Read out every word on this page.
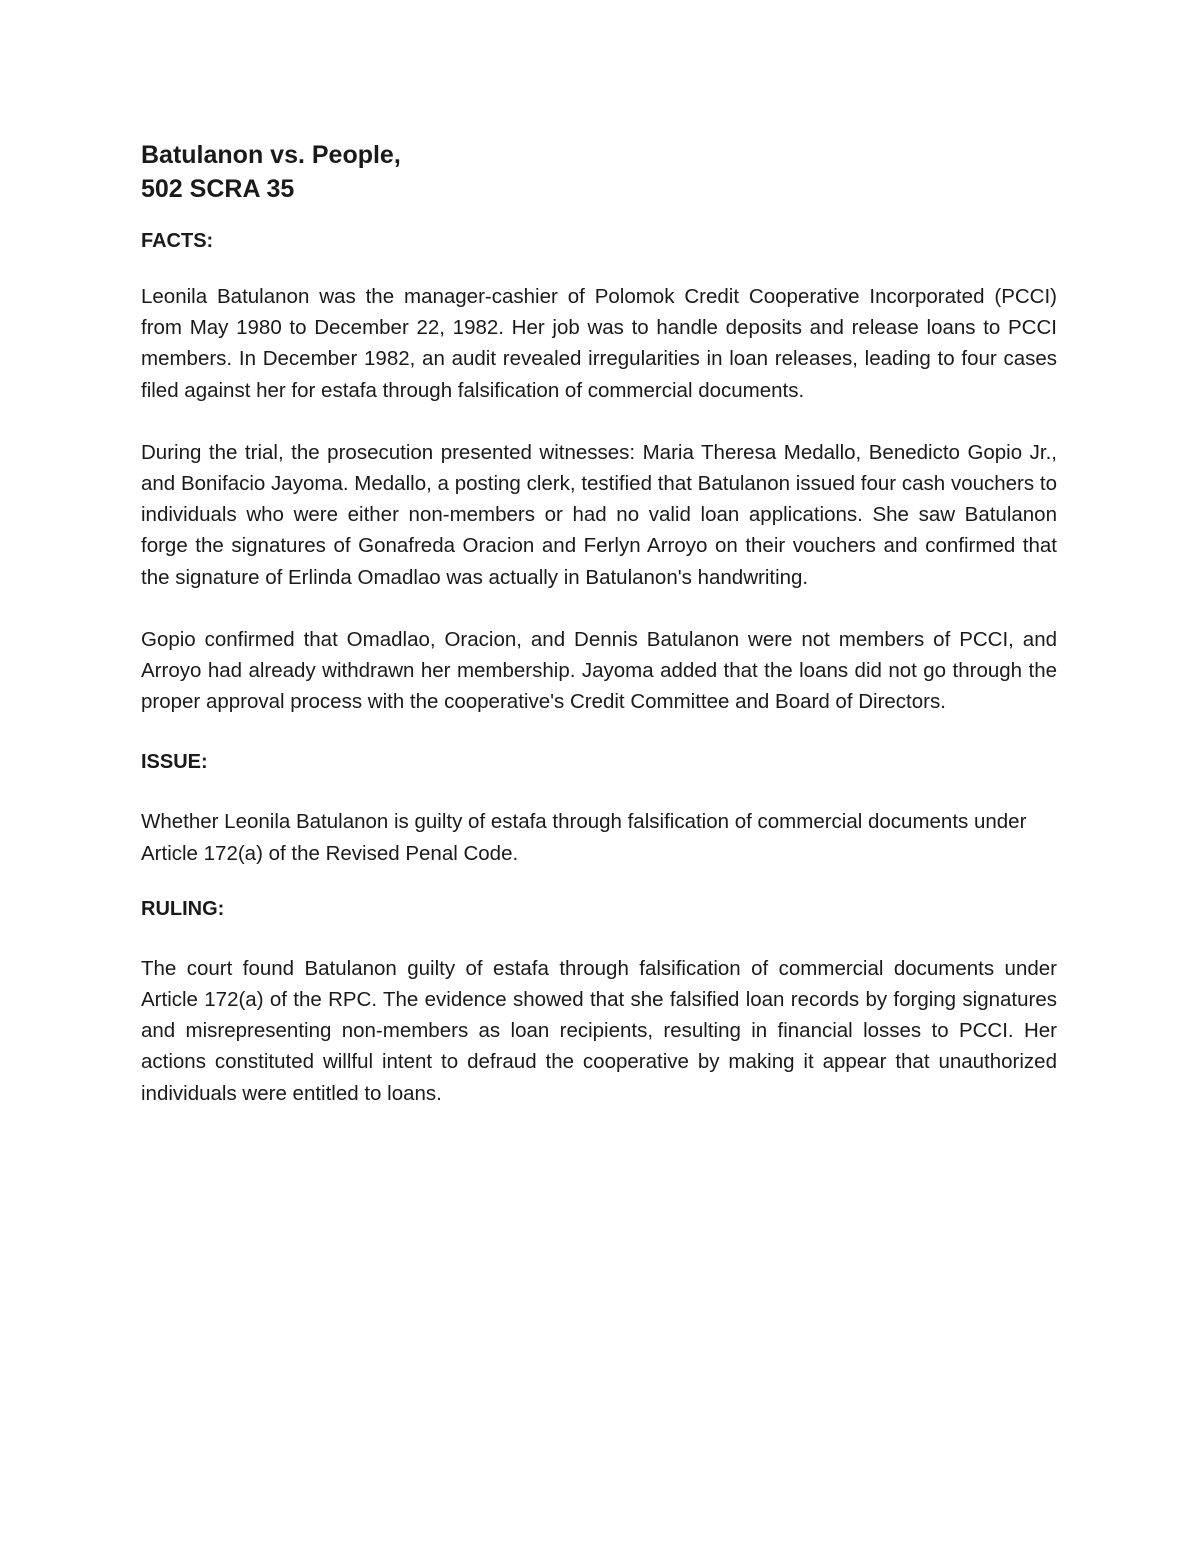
Batulanon vs. People,
502 SCRA 35

FACTS:

Leonila Batulanon was the manager-cashier of Polomok Credit Cooperative Incorporated (PCCI) from May 1980 to December 22, 1982. Her job was to handle deposits and release loans to PCCI members. In December 1982, an audit revealed irregularities in loan releases, leading to four cases filed against her for estafa through falsification of commercial documents.

During the trial, the prosecution presented witnesses: Maria Theresa Medallo, Benedicto Gopio Jr., and Bonifacio Jayoma. Medallo, a posting clerk, testified that Batulanon issued four cash vouchers to individuals who were either non-members or had no valid loan applications. She saw Batulanon forge the signatures of Gonafreda Oracion and Ferlyn Arroyo on their vouchers and confirmed that the signature of Erlinda Omadlao was actually in Batulanon's handwriting.

Gopio confirmed that Omadlao, Oracion, and Dennis Batulanon were not members of PCCI, and Arroyo had already withdrawn her membership. Jayoma added that the loans did not go through the proper approval process with the cooperative's Credit Committee and Board of Directors.

ISSUE:

Whether Leonila Batulanon is guilty of estafa through falsification of commercial documents under Article 172(a) of the Revised Penal Code.

RULING:

The court found Batulanon guilty of estafa through falsification of commercial documents under Article 172(a) of the RPC. The evidence showed that she falsified loan records by forging signatures and misrepresenting non-members as loan recipients, resulting in financial losses to PCCI. Her actions constituted willful intent to defraud the cooperative by making it appear that unauthorized individuals were entitled to loans.
